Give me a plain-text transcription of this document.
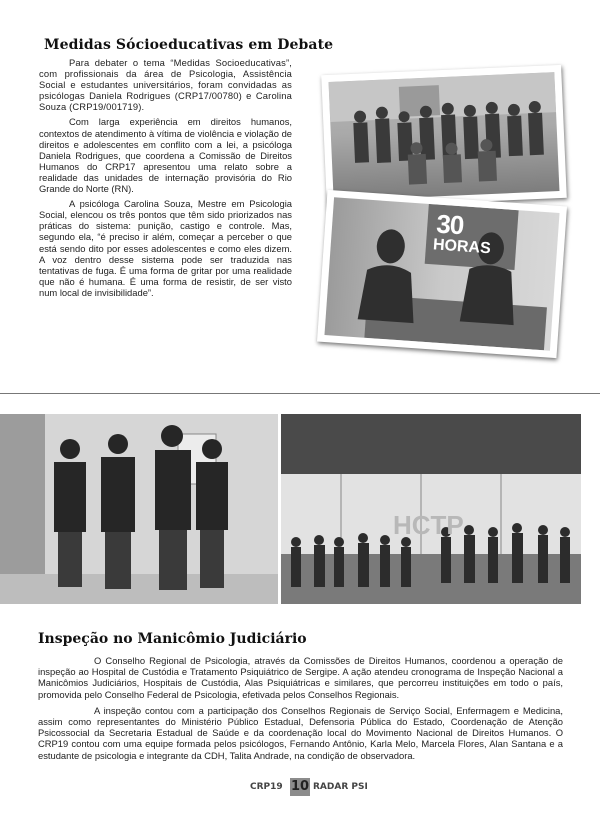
Medidas Sócioeducativas em Debate

Para debater o tema “Medidas Socioeducativas”, com profissionais da área de Psicologia, Assistência Social e estudantes universitários, foram convidadas as psicólogas Daniela Rodrigues (CRP17/00780) e Carolina Souza (CRP19/001719).

Com larga experiência em direitos humanos, contextos de atendimento à vítima de violência e violação de direitos e adolescentes em conflito com a lei, a psicóloga Daniela Rodrigues, que coordena a Comissão de Direitos Humanos do CRP17 apresentou uma relato sobre a realidade das unidades de internação provisória do Rio Grande do Norte (RN).

A psicóloga Carolina Souza, Mestre em Psicologia Social, elencou os três pontos que têm sido priorizados nas práticas do sistema: punição, castigo e controle. Mas, segundo ela, “é preciso ir além, começar a perceber o que está sendo dito por esses adolescentes e como eles dizem. A voz dentro desse sistema pode ser traduzida nas tentativas de fuga. É uma forma de gritar por uma realidade que não é humana. É uma forma de resistir, de ser visto num local de invisibilidade”.

30
HORAS
HCTP
Inspeção no Manicômio Judiciário

O Conselho Regional de Psicologia, através da Comissões de Direitos Humanos, coordenou a operação de inspeção ao Hospital de Custódia e Tratamento Psiquiátrico de Sergipe. A ação atendeu cronograma de Inspeção Nacional a Manicômios Judiciários, Hospitais de Custódia, Alas Psiquiátricas e similares, que percorreu instituições em todo o país, promovida pelo Conselho Federal de Psicologia, efetivada pelos Conselhos Regionais.

A inspeção contou com a participação dos Conselhos Regionais de Serviço Social, Enfermagem e Medicina, assim como representantes do Ministério Público Estadual, Defensoria Pública do Estado, Coordenação de Atenção Psicossocial da Secretaria Estadual de Saúde e da coordenação local do Movimento Nacional de Direitos Humanos. O CRP19 contou com uma equipe formada pelos psicólogos, Fernando Antônio, Karla Melo, Marcela Flores, Alan Santana e a estudante de psicologia e integrante da CDH, Talita Andrade, na condição de observadora.

CRP19 10 RADAR PSI
